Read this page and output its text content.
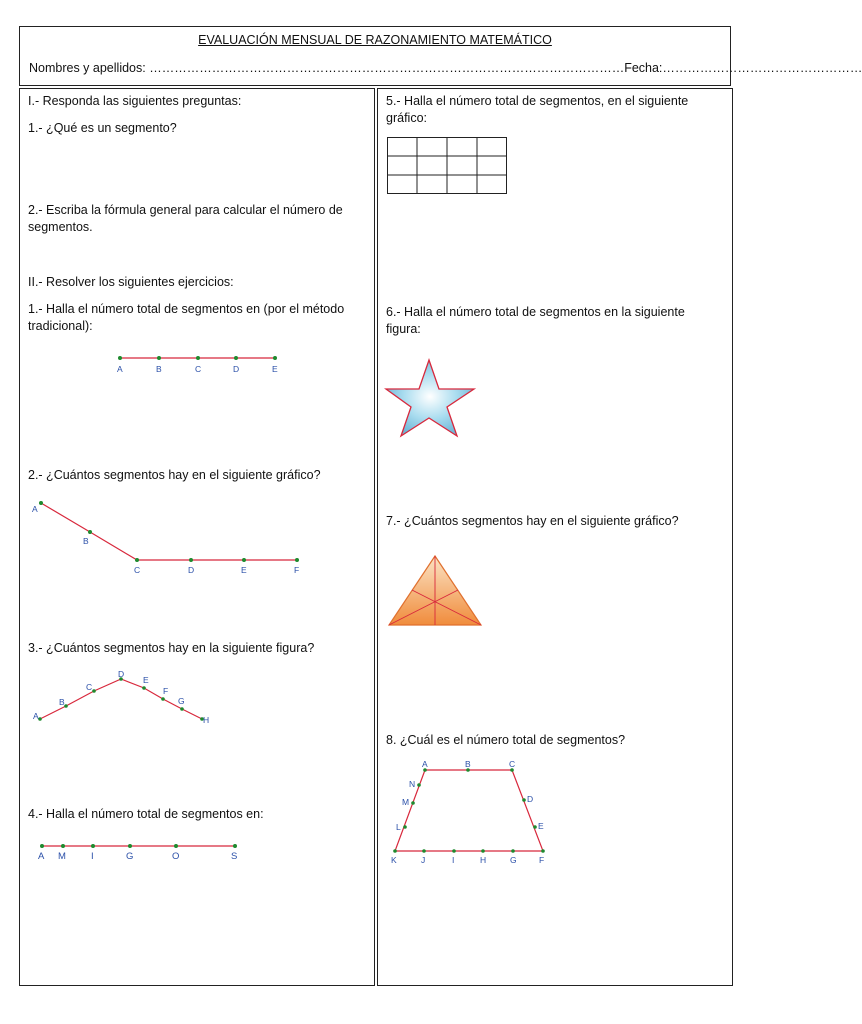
EVALUACIÓN MENSUAL DE RAZONAMIENTO MATEMÁTICO
Nombres y apellidos: ……………………………………………………………………………………………………Fecha:…………………………………………

I.- Responda las siguientes preguntas:

1.- ¿Qué es un segmento?

2.- Escriba la fórmula general para calcular el número de segmentos.

II.- Resolver los siguientes ejercicios:

1.- Halla el número total de segmentos en (por el método tradicional):

A	B	C	D	E

2.- ¿Cuántos segmentos hay en el siguiente gráfico?

A
B
C	D	E	F

3.- ¿Cuántos segmentos hay en la siguiente figura?

A
B
C
D
E
F
G
H

4.- Halla el número total de segmentos en:

A M	I	G	O	S

5.- Halla el número total de segmentos, en el siguiente gráfico:

6.- Halla el número total de segmentos en la siguiente figura:

7.- ¿Cuántos segmentos hay en el siguiente gráfico?

8. ¿Cuál es el número total de segmentos?

A	B	C
D
E
F
G
H
I
J
K
L
M
N
